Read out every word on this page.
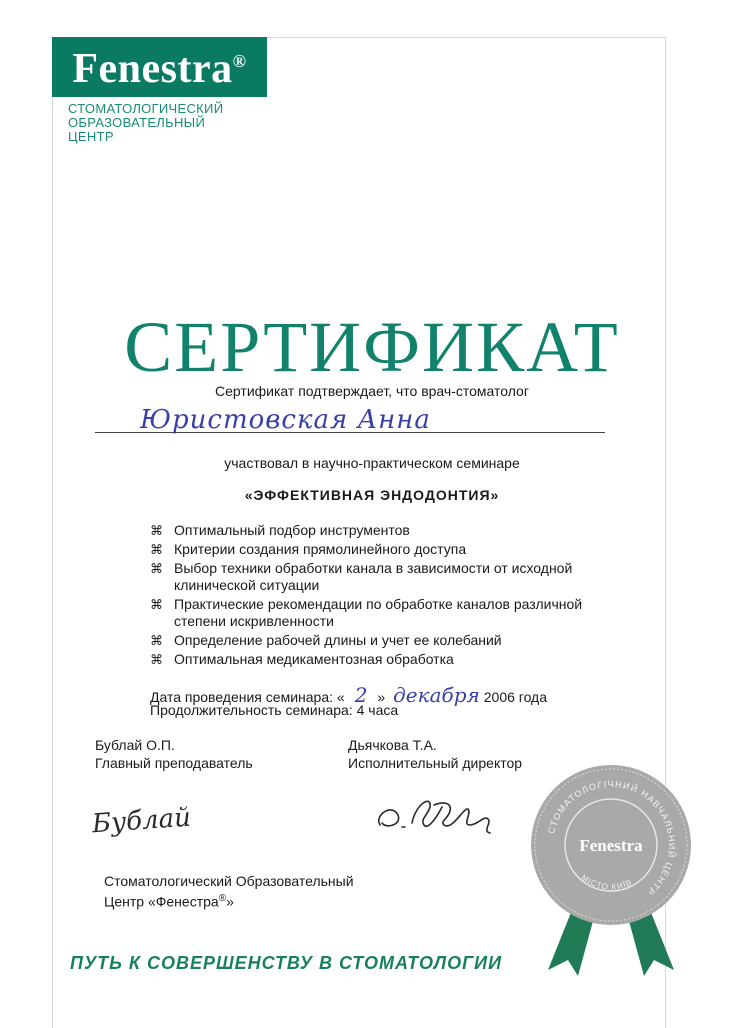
Fenestra®
СТОМАТОЛОГИЧЕСКИЙ
ОБРАЗОВАТЕЛЬНЫЙ
ЦЕНТР
СЕРТИФИКАТ
Сертификат подтверждает, что врач-стоматолог
Юристовская Анна
участвовал в научно-практическом семинаре
«ЭФФЕКТИВНАЯ ЭНДОДОНТИЯ»
⌘ Оптимальный подбор инструментов
⌘ Критерии создания прямолинейного доступа
⌘ Выбор техники обработки канала в зависимости от исходной клинической ситуации
⌘ Практические рекомендации по обработке каналов различной степени искривленности
⌘ Определение рабочей длины и учет ее колебаний
⌘ Оптимальная медикаментозная обработка
Дата проведения семинара: « 2 » декабря 2006 года
Продолжительность семинара: 4 часа
Бублай О.П.
Главный преподаватель
Дьячкова Т.А.
Исполнительный директор
Бублай
Стоматологический Образовательный
Центр «Фенестра®»
ПУТЬ К СОВЕРШЕНСТВУ В СТОМАТОЛОГИИ
СТОМАТОЛОГІЧНИЙ НАВЧАЛЬНИЙ ЦЕНТР
МІСТО КИЇВ
Fenestra
